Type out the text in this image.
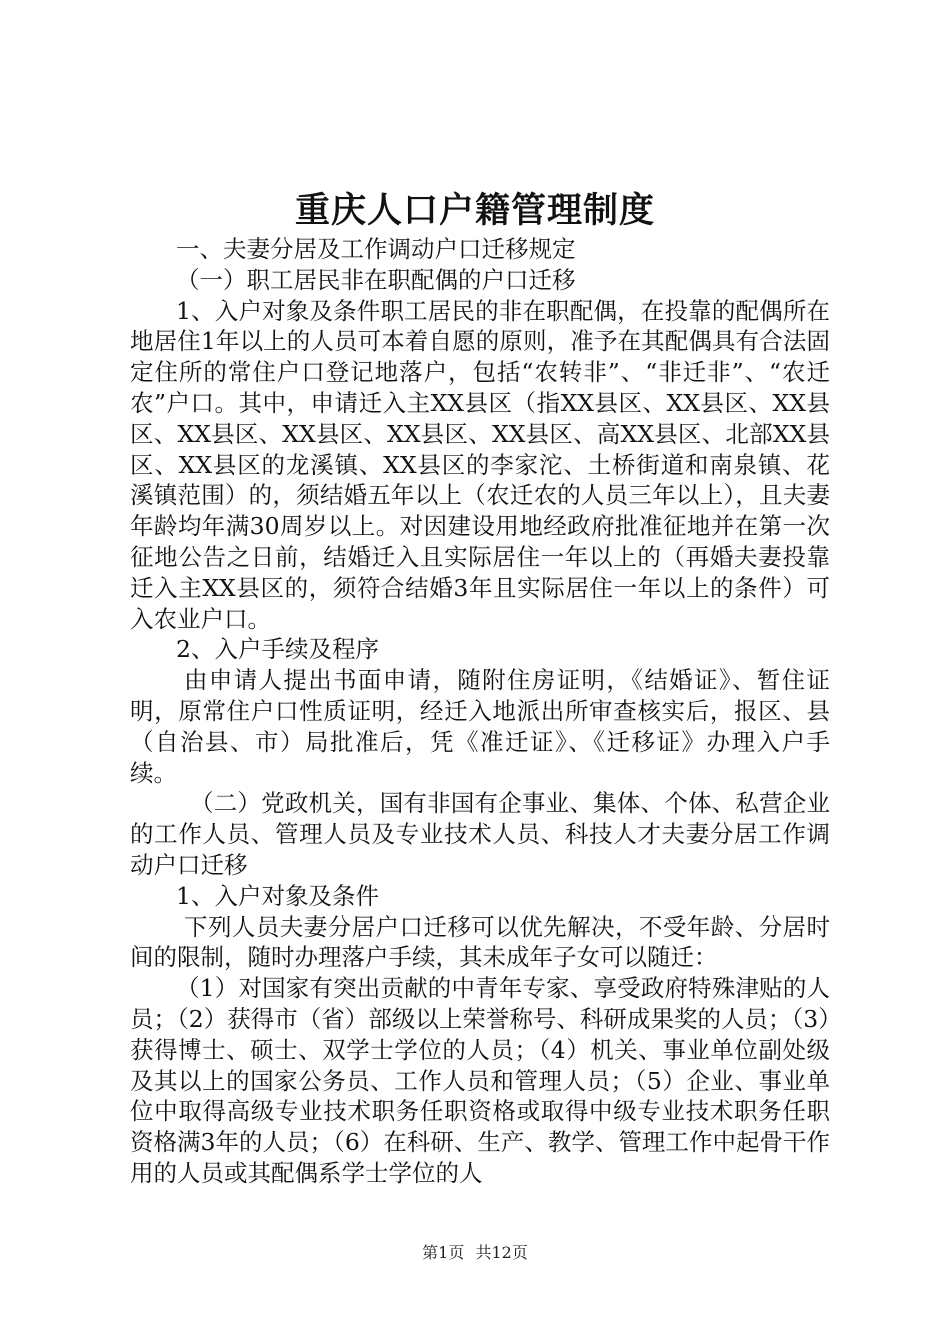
重庆人口户籍管理制度

一、夫妻分居及工作调动户口迁移规定

（一）职工居民非在职配偶的户口迁移

1、入户对象及条件职工居民的非在职配偶，在投靠的配偶所在地居住1年以上的人员可本着自愿的原则，准予在其配偶具有合法固定住所的常住户口登记地落户，包括“农转非”、“非迁非”、“农迁农”户口。其中，申请迁入主XX县区（指XX县区、XX县区、XX县区、XX县区、XX县区、XX县区、XX县区、高XX县区、北部XX县区、XX县区的龙溪镇、XX县区的李家沱、土桥街道和南泉镇、花溪镇范围）的，须结婚五年以上（农迁农的人员三年以上），且夫妻年龄均年满30周岁以上。对因建设用地经政府批准征地并在第一次征地公告之日前，结婚迁入且实际居住一年以上的（再婚夫妻投靠迁入主XX县区的，须符合结婚3年且实际居住一年以上的条件）可入农业户口。

2、入户手续及程序

由申请人提出书面申请，随附住房证明，《结婚证》、暂住证明，原常住户口性质证明，经迁入地派出所审查核实后，报区、县（自治县、市）局批准后，凭《准迁证》、《迁移证》办理入户手续。

（二）党政机关，国有非国有企事业、集体、个体、私营企业的工作人员、管理人员及专业技术人员、科技人才夫妻分居工作调动户口迁移

1、入户对象及条件

下列人员夫妻分居户口迁移可以优先解决，不受年龄、分居时间的限制，随时办理落户手续，其未成年子女可以随迁：

（1）对国家有突出贡献的中青年专家、享受政府特殊津贴的人员；（2）获得市（省）部级以上荣誉称号、科研成果奖的人员；（3）获得博士、硕士、双学士学位的人员；（4）机关、事业单位副处级及其以上的国家公务员、工作人员和管理人员；（5）企业、事业单位中取得高级专业技术职务任职资格或取得中级专业技术职务任职资格满3年的人员；（6）在科研、生产、教学、管理工作中起骨干作用的人员或其配偶系学士学位的人

第1页 共12页
